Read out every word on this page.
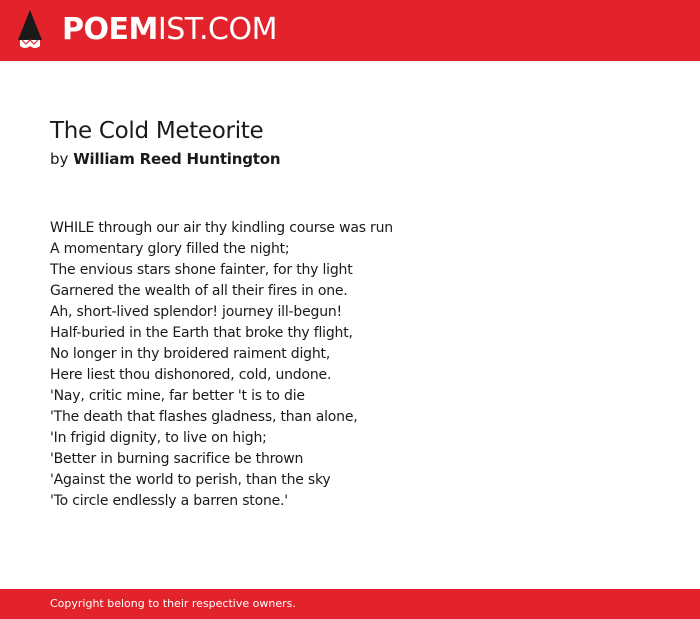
POEMIST.COM
The Cold Meteorite
by William Reed Huntington
WHILE through our air thy kindling course was run
A momentary glory filled the night;
The envious stars shone fainter, for thy light
Garnered the wealth of all their fires in one.
Ah, short-lived splendor! journey ill-begun!
Half-buried in the Earth that broke thy flight,
No longer in thy broidered raiment dight,
Here liest thou dishonored, cold, undone.
'Nay, critic mine, far better 't is to die
'The death that flashes gladness, than alone,
'In frigid dignity, to live on high;
'Better in burning sacrifice be thrown
'Against the world to perish, than the sky
'To circle endlessly a barren stone.'
Copyright belong to their respective owners.
